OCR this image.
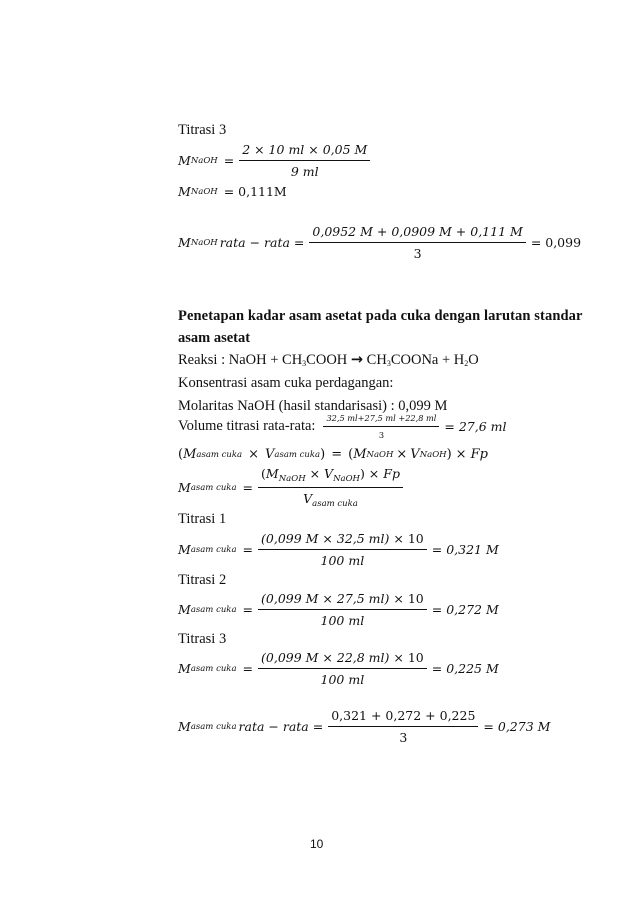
Titrasi 3
M NaOH = $\frac{2 \times 10 ml \times 0,05 M}{9 ml}$
M NaOH = 0,111M
M NaOH rata − rata = $\frac{0,0952 M + 0,0909 M + 0,111 M}{3} = 0,099$
Penetapan kadar asam asetat pada cuka dengan larutan standar
asam asetat
Reaksi : NaOH + CH3COOH → CH3COONa + H2O
Konsentrasi asam cuka perdagangan:
Molaritas NaOH (hasil standarisasi) : 0,099 M
Volume titrasi rata-rata: $\frac{32,5 ml+27,5 ml +22,8 ml}{3} = 27,6$ ml
( M asam cuka × V asam cuka ) = ( M NaOH × V NaOH ) × Fp
M asam cuka = $\frac{(M_{NaOH} \times V_{NaOH}) \times Fp}{V_{asam cuka}}$
Titrasi 1
M asam cuka = $\frac{(0,099 M \times 32,5 ml) \times 10}{100 ml} = 0,321$ M
Titrasi 2
M asam cuka = $\frac{(0,099 M \times 27,5 ml) \times 10}{100 ml} = 0,272$ M
Titrasi 3
M asam cuka = $\frac{(0,099 M \times 22,8 ml) \times 10}{100 ml} = 0,225$ M
M asam cuka rata − rata = $\frac{0,321 + 0,272 + 0,225}{3} = 0,273$ M
10
